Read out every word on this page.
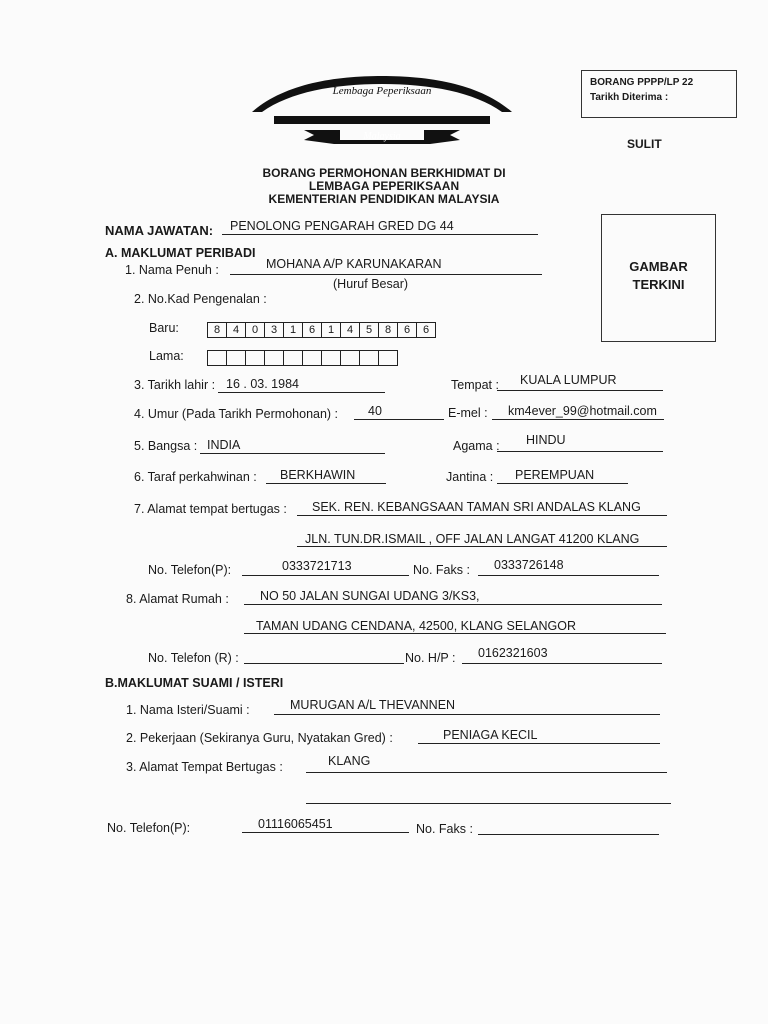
Lembaga Peperiksaan
Malaysia
BORANG PPPP/LP 22
Tarikh Diterima :
SULIT
BORANG PERMOHONAN BERKHIDMAT DI
LEMBAGA PEPERIKSAAN
KEMENTERIAN PENDIDIKAN MALAYSIA
GAMBAR
TERKINI
NAMA JAWATAN: PENOLONG PENGARAH GRED DG 44
A. MAKLUMAT PERIBADI
1. Nama Penuh :	MOHANA A/P KARUNAKARAN
(Huruf Besar)
2. No.Kad Pengenalan :
Baru:	8	4	0	3	1	6	1	4	5	8	6	6
Lama:
3. Tarikh lahir : 16 . 03. 1984	Tempat : KUALA LUMPUR
4. Umur (Pada Tarikh Permohonan) : 40	E-mel : km4ever_99@hotmail.com
5. Bangsa : INDIA	Agama : HINDU
6. Taraf perkahwinan : BERKHAWIN	Jantina : PEREMPUAN
7. Alamat tempat bertugas : SEK. REN. KEBANGSAAN TAMAN SRI ANDALAS KLANG
JLN. TUN.DR.ISMAIL , OFF JALAN LANGAT 41200 KLANG
No. Telefon(P):	0333721713	No. Faks : 0333726148
8. Alamat Rumah : NO 50 JALAN SUNGAI UDANG 3/KS3,
TAMAN UDANG CENDANA, 42500, KLANG SELANGOR
No. Telefon (R) :	No. H/P : 0162321603
B.MAKLUMAT SUAMI / ISTERI
1. Nama Isteri/Suami :	MURUGAN A/L THEVANNEN
2. Pekerjaan (Sekiranya Guru, Nyatakan Gred) :	PENIAGA KECIL
3. Alamat Tempat Bertugas :	KLANG
No. Telefon(P):	01116065451	No. Faks :
